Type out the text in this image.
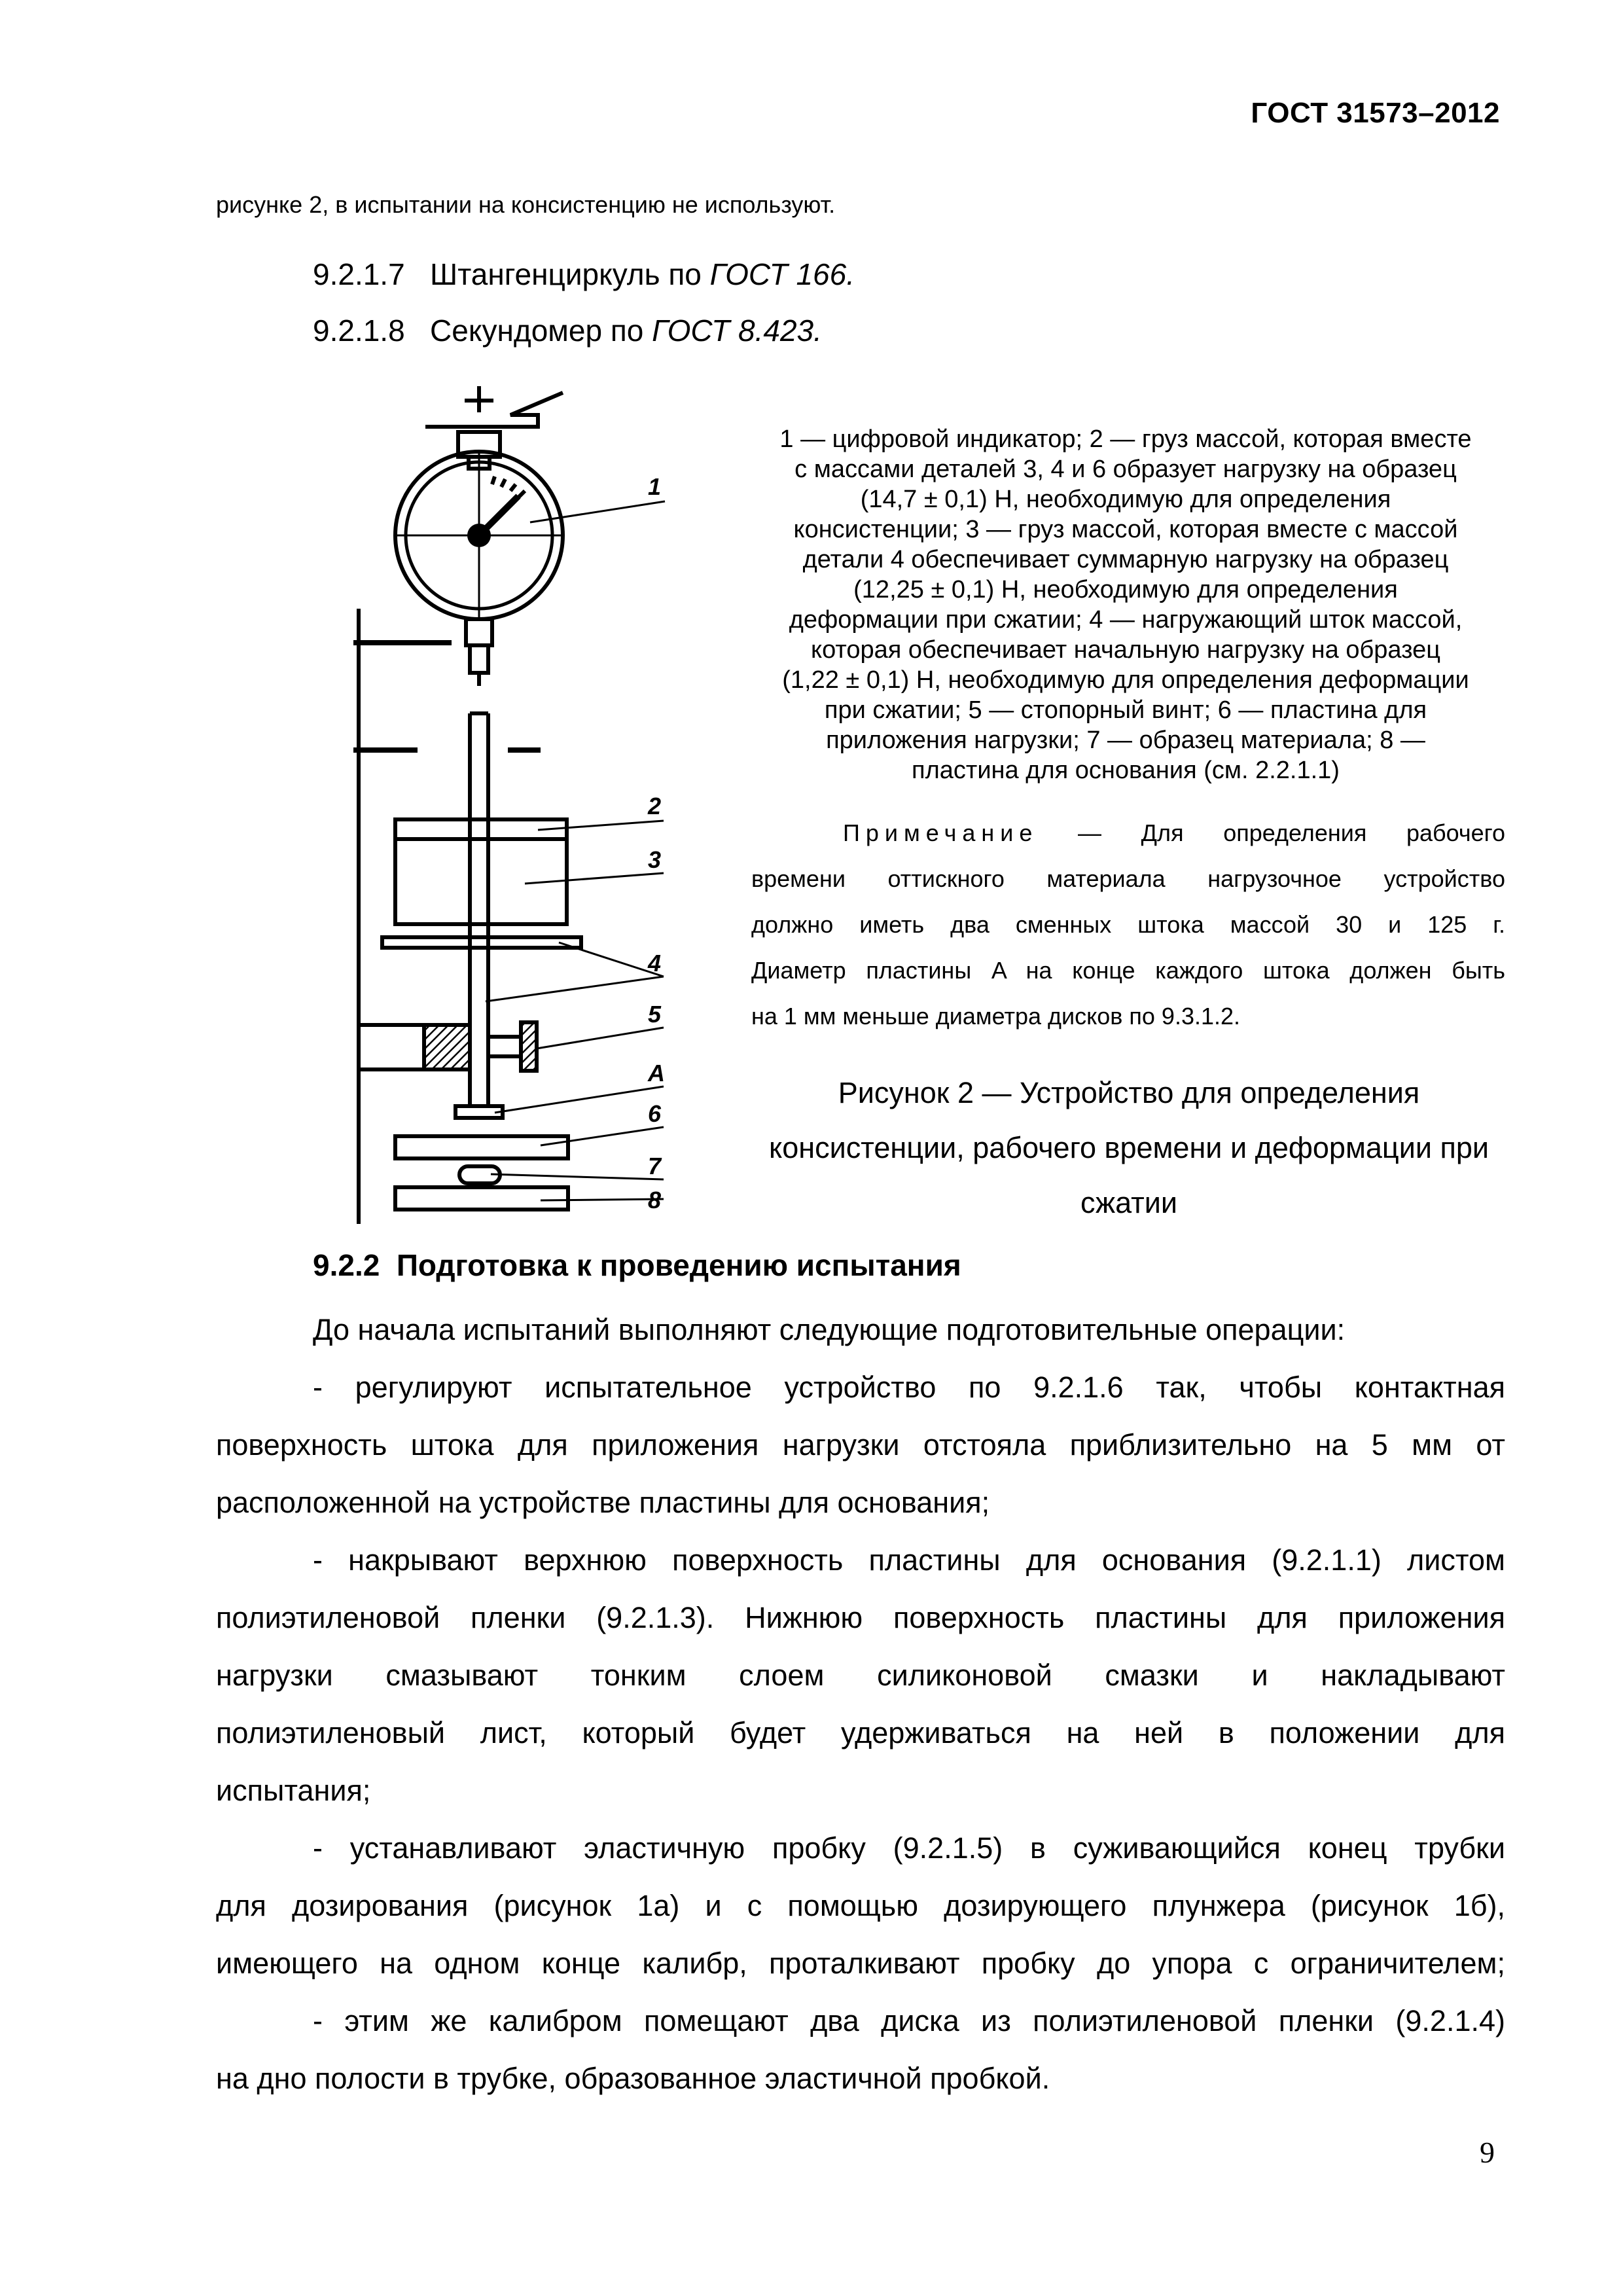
ГОСТ 31573–2012
рисунке 2, в испытании на консистенцию не используют.
9.2.1.7 Штангенциркуль по ГОСТ 166.
9.2.1.8 Секундомер по ГОСТ 8.423.
1
2
3
4
5
A
6
7
8
1 — цифровой индикатор; 2 — груз массой, которая вместе
с массами деталей 3, 4 и 6 образует нагрузку на образец
(14,7 ± 0,1) Н, необходимую для определения
консистенции; 3 — груз массой, которая вместе с массой
детали 4 обеспечивает суммарную нагрузку на образец
(12,25 ± 0,1) Н, необходимую для определения
деформации при сжатии; 4 — нагружающий шток массой,
которая обеспечивает начальную нагрузку на образец
(1,22 ± 0,1) Н, необходимую для определения деформации
при сжатии; 5 — стопорный винт; 6 — пластина для
приложения нагрузки; 7 — образец материала; 8 —
пластина для основания (см. 2.2.1.1)
Примечание — Для определения рабочего
времени оттискного материала нагрузочное устройство
должно иметь два сменных штока массой 30 и 125 г.
Диаметр пластины A на конце каждого штока должен быть
на 1 мм меньше диаметра дисков по 9.3.1.2.
Рисунок 2 — Устройство для определения
консистенции, рабочего времени и деформации при
сжатии
9.2.2  Подготовка к проведению испытания
До начала испытаний выполняют следующие подготовительные операции:
- регулируют испытательное устройство по 9.2.1.6 так, чтобы контактная
поверхность штока для приложения нагрузки отстояла приблизительно на 5 мм от
расположенной на устройстве пластины для основания;
- накрывают верхнюю поверхность пластины для основания (9.2.1.1) листом
полиэтиленовой пленки (9.2.1.3). Нижнюю поверхность пластины для приложения
нагрузки смазывают тонким слоем силиконовой смазки и накладывают
полиэтиленовый лист, который будет удерживаться на ней в положении для
испытания;
- устанавливают эластичную пробку (9.2.1.5) в суживающийся конец трубки
для дозирования (рисунок 1а) и с помощью дозирующего плунжера (рисунок 1б),
имеющего на одном конце калибр, проталкивают пробку до упора с ограничителем;
- этим же калибром помещают два диска из полиэтиленовой пленки (9.2.1.4)
на дно полости в трубке, образованное эластичной пробкой.
9
